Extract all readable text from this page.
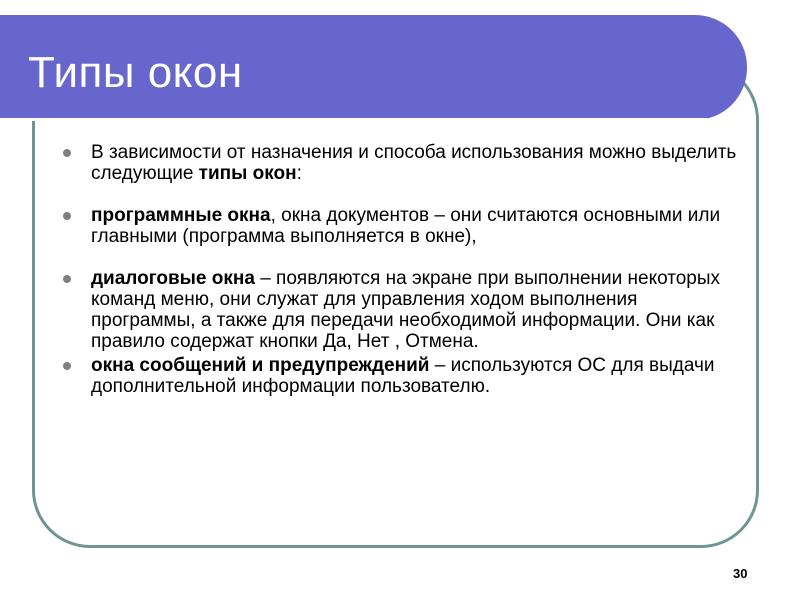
Типы окон
В зависимости от назначения и способа использования можно выделить следующие типы окон:
программные окна, окна документов – они считаются основными или главными (программа выполняется в окне),
диалоговые окна – появляются на экране при выполнении некоторых команд меню, они служат для управления ходом выполнения программы, а также для передачи необходимой информации. Они как правило содержат кнопки Да, Нет , Отмена.
окна сообщений и предупреждений – используются ОС для выдачи дополнительной информации пользователю.
30
